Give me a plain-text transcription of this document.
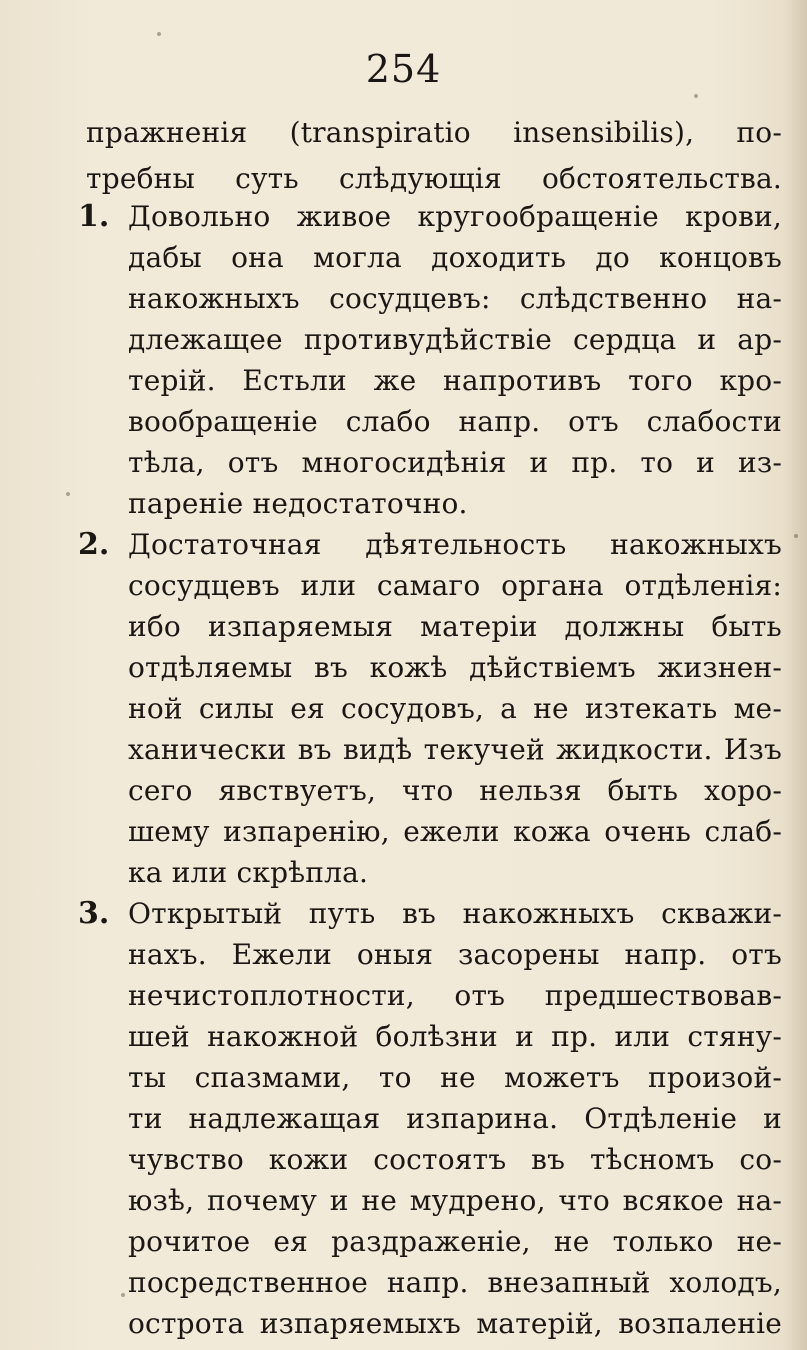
254
пражненія (transpiratio insensibilis), по-
требны суть слѣдующія обстоятельства.
1. Довольно живое кругообращеніе крови,
дабы она могла доходить до концовъ
накожныхъ сосудцевъ: слѣдственно на-
длежащее противудѣйствіе сердца и ар-
терій. Естьли же напротивъ того кро-
вообращеніе слабо напр. отъ слабости
тѣла, отъ многосидѣнія и пр. то и из-
пареніе недостаточно.
2. Достаточная дѣятельность накожныхъ
сосудцевъ или самаго органа отдѣленія:
ибо изпаряемыя матеріи должны быть
отдѣляемы въ кожѣ дѣйствіемъ жизнен-
ной силы ея сосудовъ, а не изтекать ме-
ханически въ видѣ текучей жидкости. Изъ
сего явствуетъ, что нельзя быть хоро-
шему изпаренію, ежели кожа очень слаб-
ка или скрѣпла.
3. Открытый путь въ накожныхъ скважи-
нахъ. Ежели оныя засорены напр. отъ
нечистоплотности, отъ предшествовав-
шей накожной болѣзни и пр. или стяну-
ты спазмами, то не можетъ произой-
ти надлежащая изпарина. Отдѣленіе и
чувство кожи состоятъ въ тѣсномъ со-
юзѣ, почему и не мудрено, что всякое на-
рочитое ея раздраженіе, не только не-
посредственное напр. внезапный холодъ,
острота изпаряемыхъ матерій, возпаленіе
